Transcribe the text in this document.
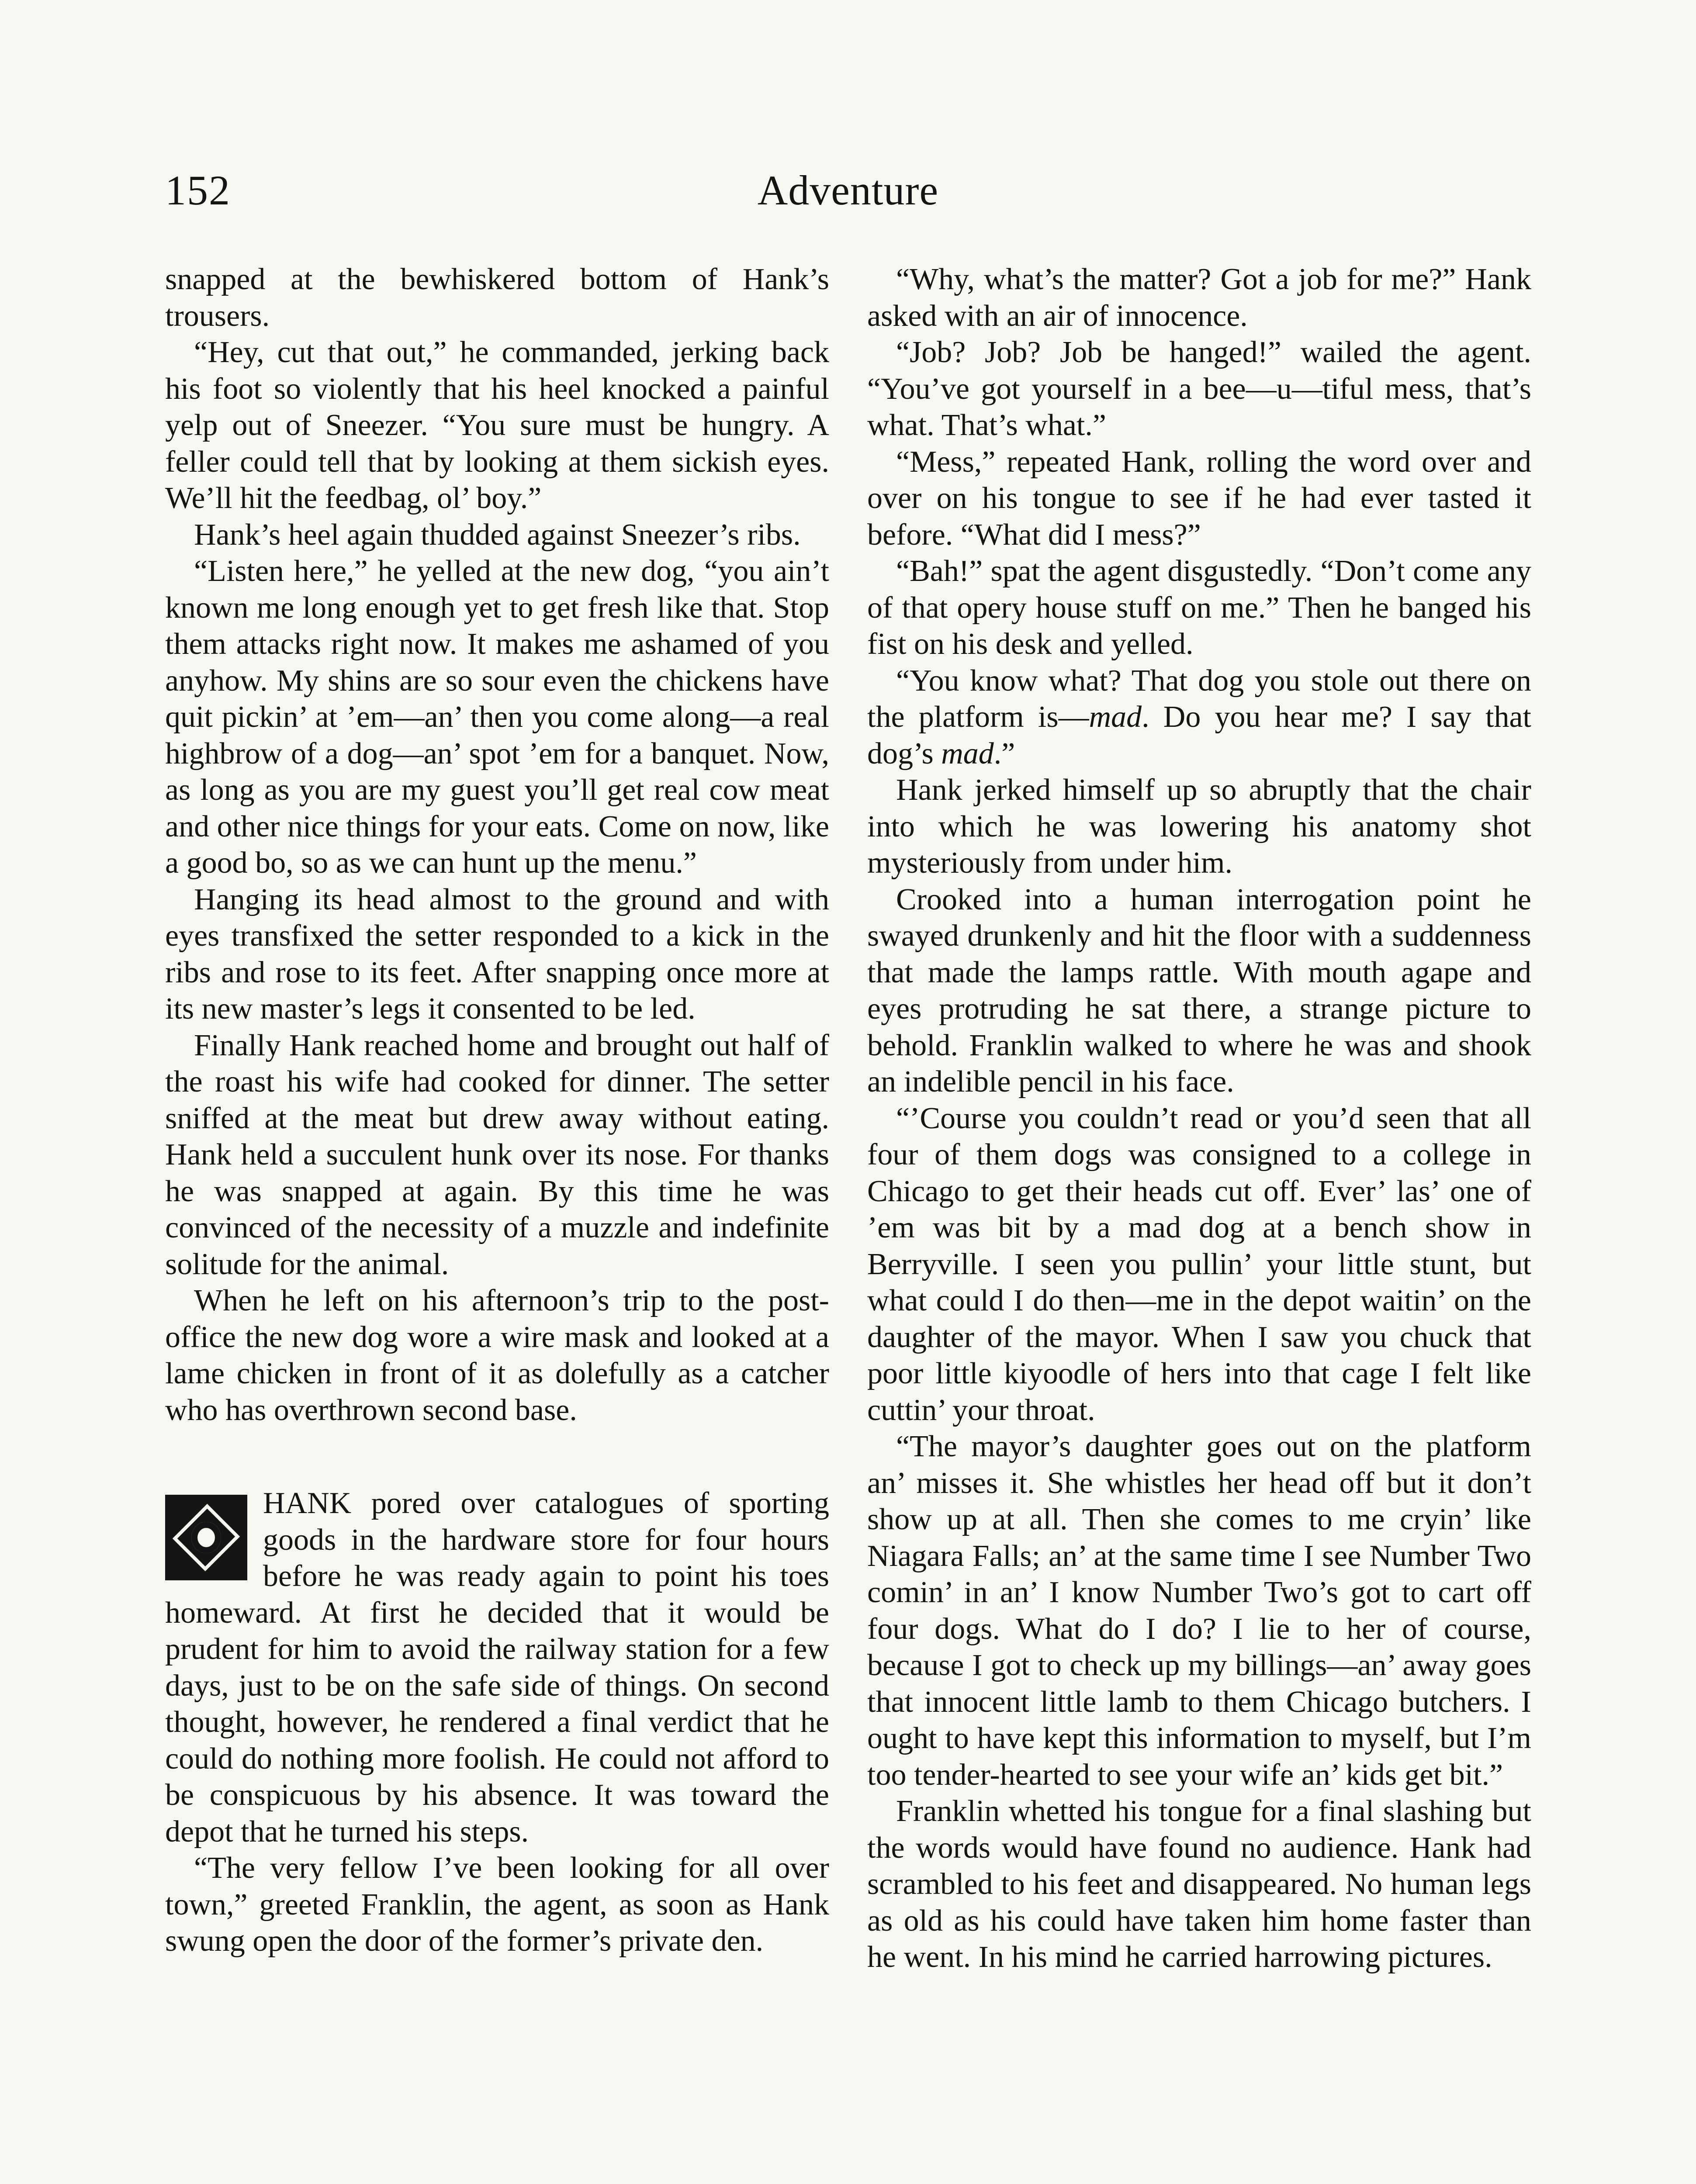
152	Adventure

snapped at the bewhiskered bottom of Hank’s trousers.

“Hey, cut that out,” he commanded, jerking back his foot so violently that his heel knocked a painful yelp out of Sneezer. “You sure must be hungry. A feller could tell that by looking at them sickish eyes. We’ll hit the feedbag, ol’ boy.”

Hank’s heel again thudded against Sneezer’s ribs.

“Listen here,” he yelled at the new dog, “you ain’t known me long enough yet to get fresh like that. Stop them attacks right now. It makes me ashamed of you anyhow. My shins are so sour even the chickens have quit pickin’ at ’em—an’ then you come along—a real highbrow of a dog—an’ spot ’em for a banquet. Now, as long as you are my guest you’ll get real cow meat and other nice things for your eats. Come on now, like a good bo, so as we can hunt up the menu.”

Hanging its head almost to the ground and with eyes transfixed the setter responded to a kick in the ribs and rose to its feet. After snapping once more at its new master’s legs it consented to be led.

Finally Hank reached home and brought out half of the roast his wife had cooked for dinner. The setter sniffed at the meat but drew away without eating. Hank held a succulent hunk over its nose. For thanks he was snapped at again. By this time he was convinced of the necessity of a muzzle and indefinite solitude for the animal.

When he left on his afternoon’s trip to the post-office the new dog wore a wire mask and looked at a lame chicken in front of it as dolefully as a catcher who has overthrown second base.

HANK pored over catalogues of sporting goods in the hardware store for four hours before he was ready again to point his toes homeward. At first he decided that it would be prudent for him to avoid the railway station for a few days, just to be on the safe side of things. On second thought, however, he rendered a final verdict that he could do nothing more foolish. He could not afford to be conspicuous by his absence. It was toward the depot that he turned his steps.

“The very fellow I’ve been looking for all over town,” greeted Franklin, the agent, as soon as Hank swung open the door of the former’s private den.

“Why, what’s the matter? Got a job for me?” Hank asked with an air of innocence.

“Job? Job? Job be hanged!” wailed the agent. “You’ve got yourself in a bee—u—tiful mess, that’s what. That’s what.”

“Mess,” repeated Hank, rolling the word over and over on his tongue to see if he had ever tasted it before. “What did I mess?”

“Bah!” spat the agent disgustedly. “Don’t come any of that opery house stuff on me.” Then he banged his fist on his desk and yelled.

“You know what? That dog you stole out there on the platform is—mad. Do you hear me? I say that dog’s mad.”

Hank jerked himself up so abruptly that the chair into which he was lowering his anatomy shot mysteriously from under him.

Crooked into a human interrogation point he swayed drunkenly and hit the floor with a suddenness that made the lamps rattle. With mouth agape and eyes protruding he sat there, a strange picture to behold. Franklin walked to where he was and shook an indelible pencil in his face.

“’Course you couldn’t read or you’d seen that all four of them dogs was consigned to a college in Chicago to get their heads cut off. Ever’ las’ one of ’em was bit by a mad dog at a bench show in Berryville. I seen you pullin’ your little stunt, but what could I do then—me in the depot waitin’ on the daughter of the mayor. When I saw you chuck that poor little kiyoodle of hers into that cage I felt like cuttin’ your throat.

“The mayor’s daughter goes out on the platform an’ misses it. She whistles her head off but it don’t show up at all. Then she comes to me cryin’ like Niagara Falls; an’ at the same time I see Number Two comin’ in an’ I know Number Two’s got to cart off four dogs. What do I do? I lie to her of course, because I got to check up my billings—an’ away goes that innocent little lamb to them Chicago butchers. I ought to have kept this information to myself, but I’m too tender-hearted to see your wife an’ kids get bit.”

Franklin whetted his tongue for a final slashing but the words would have found no audience. Hank had scrambled to his feet and disappeared. No human legs as old as his could have taken him home faster than he went. In his mind he carried harrowing pictures.
